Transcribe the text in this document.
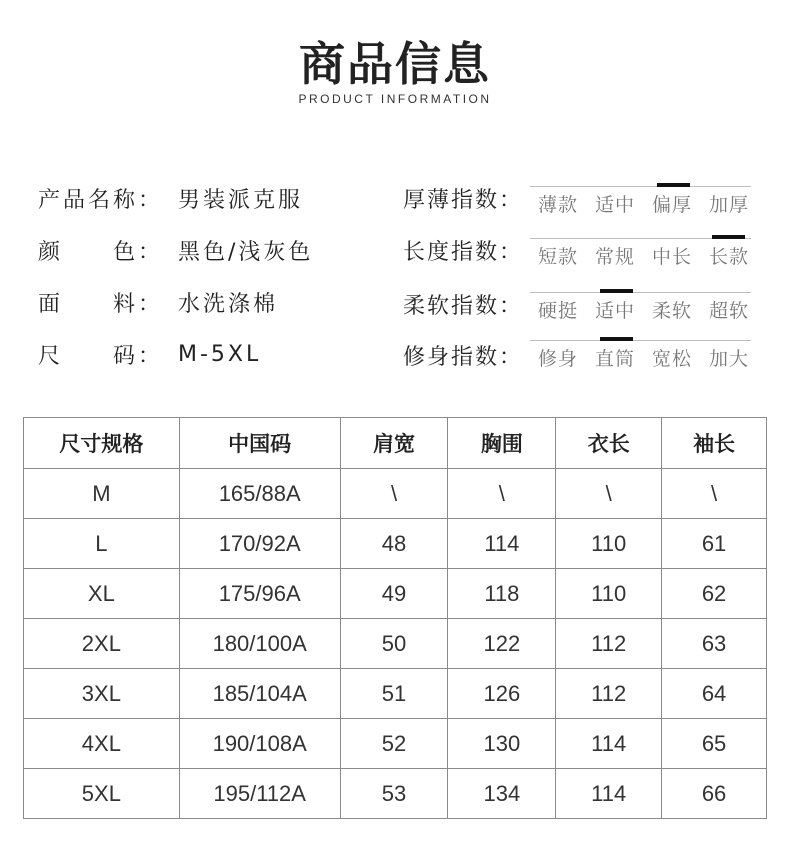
商品信息
PRODUCT INFORMATION
产品名称： 男装派克服
颜　　色： 黑色/浅灰色
面　　料： 水洗涤棉
尺　　码： M-5XL
厚薄指数： 薄款 适中 偏厚 加厚
长度指数： 短款 常规 中长 长款
柔软指数： 硬挺 适中 柔软 超软
修身指数： 修身 直筒 宽松 加大
尺寸规格	中国码	肩宽	胸围	衣长	袖长
M	165/88A	\	\	\	\
L	170/92A	48	114	110	61
XL	175/96A	49	118	110	62
2XL	180/100A	50	122	112	63
3XL	185/104A	51	126	112	64
4XL	190/108A	52	130	114	65
5XL	195/112A	53	134	114	66
